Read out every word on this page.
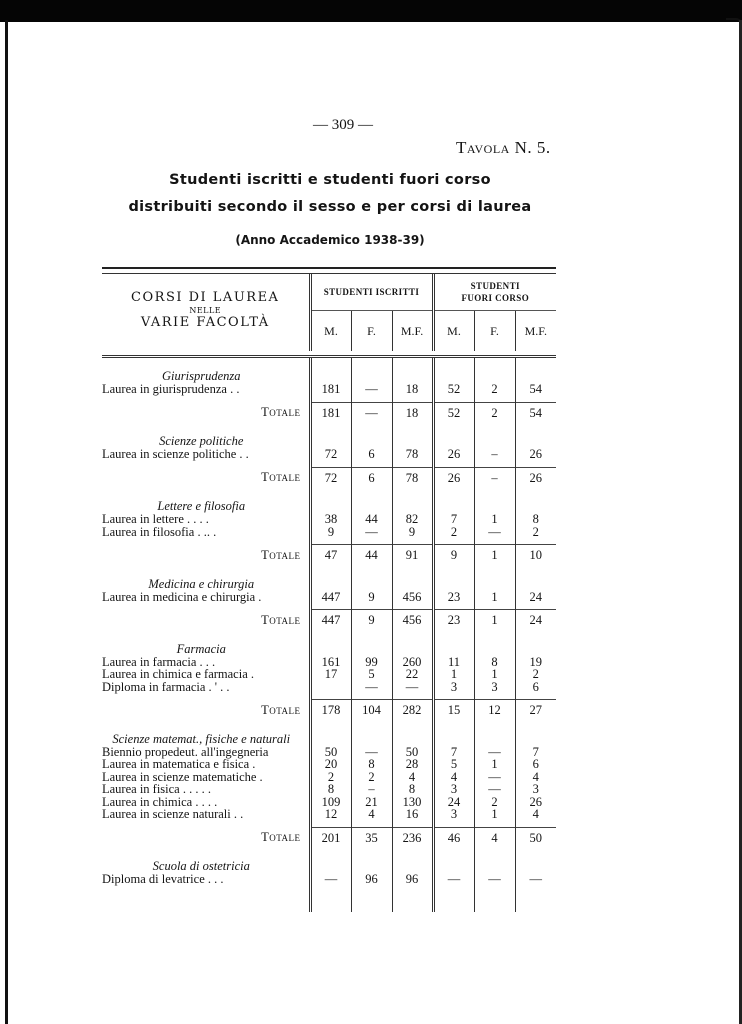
— 309 —
Tavola N. 5.
Studenti iscritti e studenti fuori corso
distribuiti secondo il sesso e per corsi di laurea
(Anno Accademico 1938-39)
CORSI DI LAUREA
NELLE
VARIE FACOLTÀ	STUDENTI ISCRITTI			STUDENTI
FUORI CORSO		
	M.	F.	M.F.	M.	F.	M.F.

Giurisprudenza						
Laurea in giurisprudenza . .	181	—	18	52	2	54

Totale	181	—	18	52	2	54

Scienze politiche						
Laurea in scienze politiche . .	72	6	78	26	–	26

Totale	72	6	78	26	–	26

Lettere e filosofia						
Laurea in lettere . . . .	38	44	82	7	1	8
Laurea in filosofia . .. .	9	—	9	2	—	2

Totale	47	44	91	9	1	10

Medicina e chirurgia						
Laurea in medicina e chirurgia .	447	9	456	23	1	24

Totale	447	9	456	23	1	24

Farmacia						
Laurea in farmacia . . .	161	99	260	11	8	19
Laurea in chimica e farmacia .	17	5	22	1	1	2
Diploma in farmacia . ' . .		—	—	3	3	6

Totale	178	104	282	15	12	27

Scienze matemat., fisiche e naturali						
Biennio propedeut. all'ingegneria	50	—	50	7	—	7
Laurea in matematica e fisica .	20	8	28	5	1	6
Laurea in scienze matematiche .	2	2	4	4	—	4
Laurea in fisica . . . . .	8	–	8	3	—	3
Laurea in chimica . . . .	109	21	130	24	2	26
Laurea in scienze naturali . .	12	4	16	3	1	4

Totale	201	35	236	46	4	50

Scuola di ostetricia						
Diploma di levatrice . . .	—	96	96	—	—	—
